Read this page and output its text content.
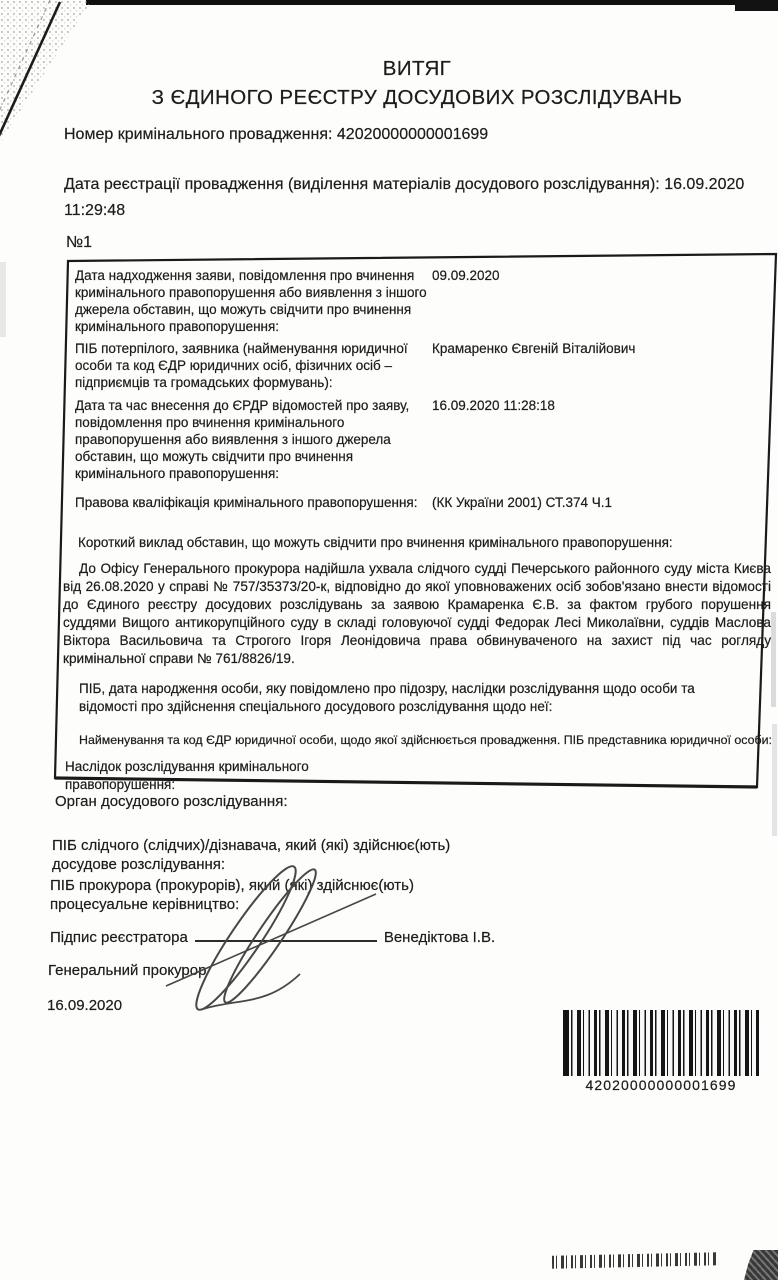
ВИТЯГ
З ЄДИНОГО РЕЄСТРУ ДОСУДОВИХ РОЗСЛІДУВАНЬ

Номер кримінального провадження: 42020000000001699

Дата реєстрації провадження (виділення матеріалів досудового розслідування): 16.09.2020 11:29:48

№1
Дата надходження заяви, повідомлення про вчинення кримінального правопорушення або виявлення з іншого джерела обставин, що можуть свідчити про вчинення кримінального правопорушення:
09.09.2020
ПІБ потерпілого, заявника (найменування юридичної особи та код ЄДР юридичних осіб, фізичних осіб – підприємців та громадських формувань):
Крамаренко Євгеній Віталійович
Дата та час внесення до ЄРДР відомостей про заяву, повідомлення про вчинення кримінального правопорушення або виявлення з іншого джерела обставин, що можуть свідчити про вчинення кримінального правопорушення:
16.09.2020 11:28:18
Правова кваліфікація кримінального правопорушення:	(КК України 2001) СТ.374 Ч.1
Короткий виклад обставин, що можуть свідчити про вчинення кримінального правопорушення:
До Офісу Генерального прокурора надійшла ухвала слідчого судді Печерського районного суду міста Києва від 26.08.2020 у справі № 757/35373/20-к, відповідно до якої уповноважених осіб зобов'язано внести відомості до Єдиного реєстру досудових розслідувань за заявою Крамаренка Є.В. за фактом грубого порушення суддями Вищого антикорупційного суду в складі головуючої судді Федорак Лесі Миколаївни, суддів Маслова Віктора Васильовича та Строгого Ігоря Леонідовича права обвинуваченого на захист під час рогляду кримінальної справи № 761/8826/19.
ПІБ, дата народження особи, яку повідомлено про підозру, наслідки розслідування щодо особи та відомості про здійснення спеціального досудового розслідування щодо неї:
Найменування та код ЄДР юридичної особи, щодо якої здійснюється провадження. ПІБ представника юридичної особи:
Наслідок розслідування кримінального правопорушення:
Орган досудового розслідування:
ПІБ слідчого (слідчих)/дізнавача, який (які) здійснює(ють) досудове розслідування:
ПІБ прокурора (прокурорів), який (які) здійснює(ють) процесуальне керівництво:
Підпис реєстратора	Венедіктова І.В.
Генеральний прокурор
16.09.2020
42020000000001699
